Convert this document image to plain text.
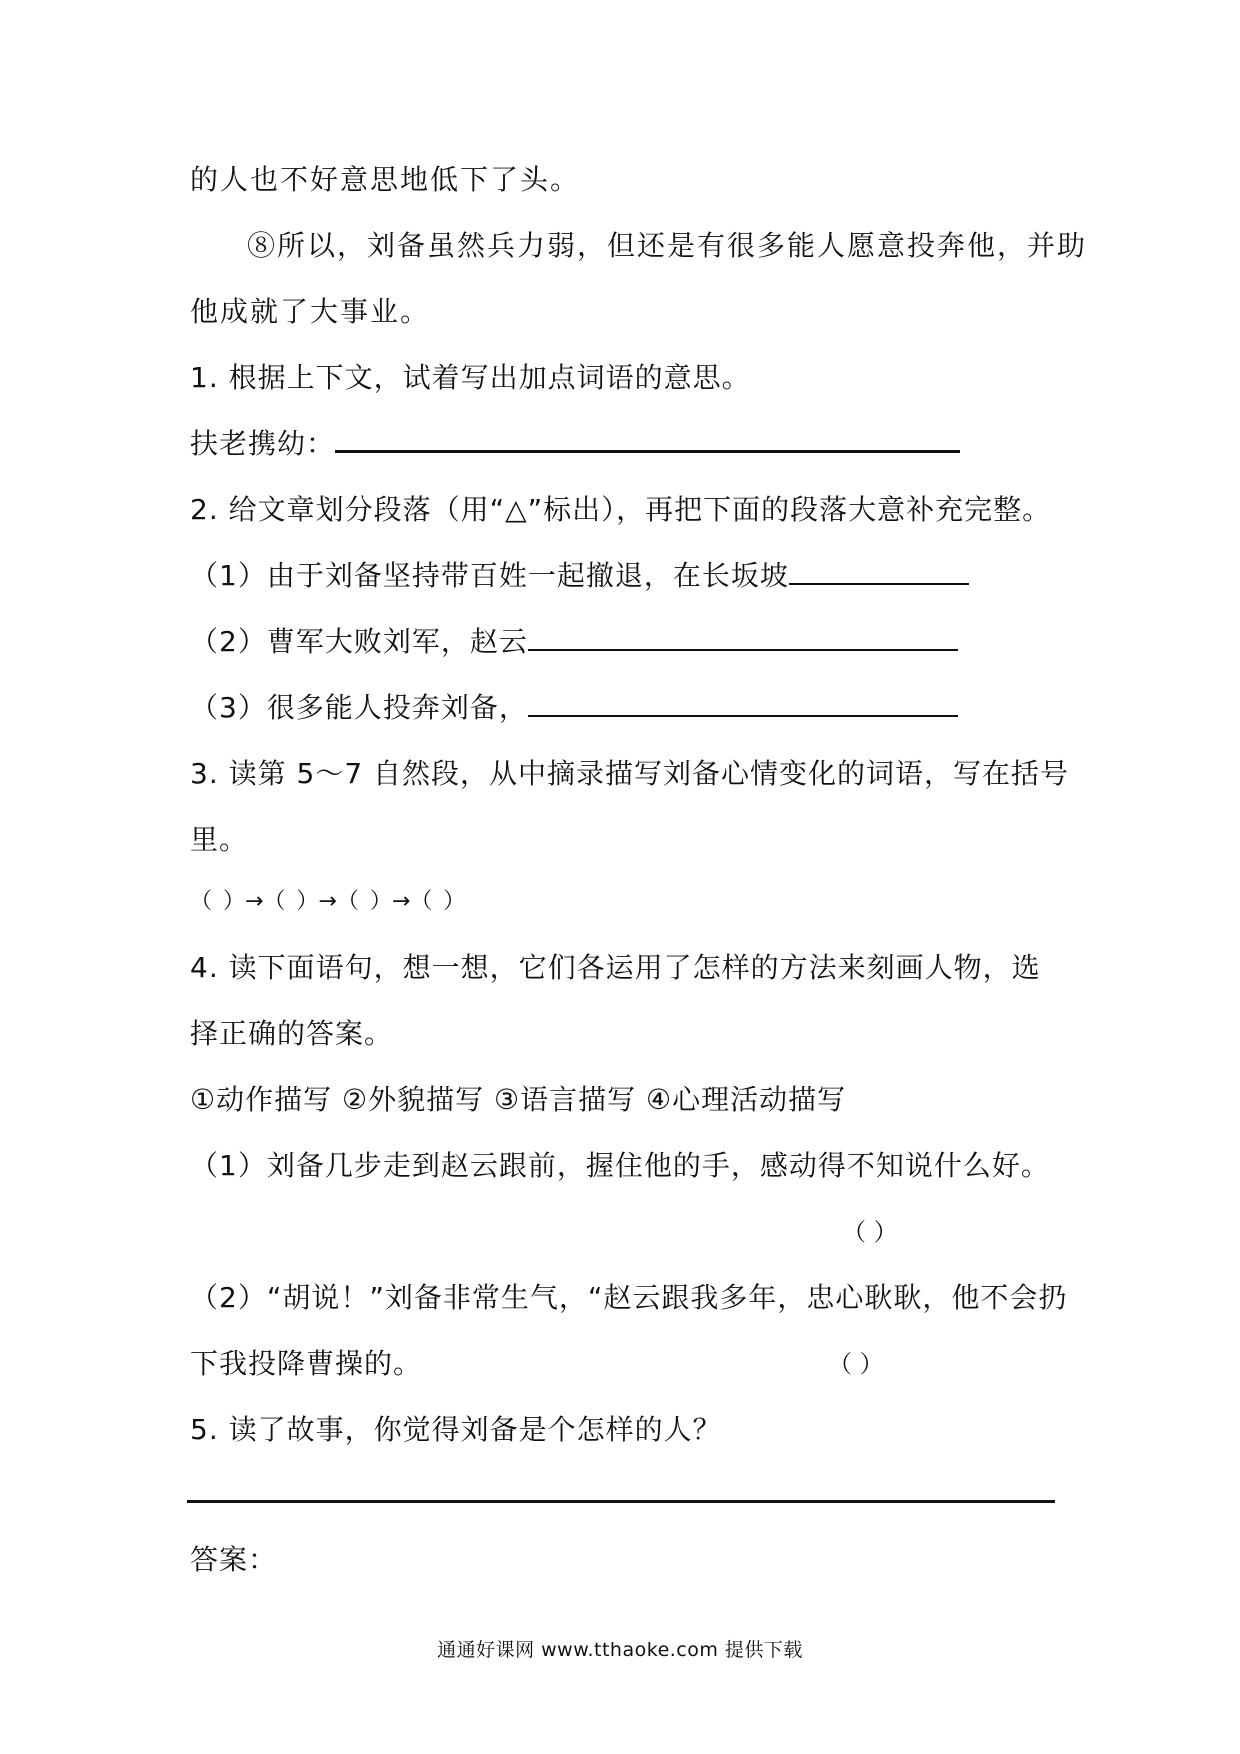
的人也不好意思地低下了头。
⑧所以，刘备虽然兵力弱，但还是有很多能人愿意投奔他，并助
他成就了大事业。
1. 根据上下文，试着写出加点词语的意思。
扶老携幼：
2. 给文章划分段落（用“△”标出），再把下面的段落大意补充完整。
（1）由于刘备坚持带百姓一起撤退，在长坂坡
（2）曹军大败刘军，赵云
（3）很多能人投奔刘备，
3. 读第 5～7 自然段，从中摘录描写刘备心情变化的词语，写在括号
里。
（ ）→（ ）→（ ）→（ ）
4. 读下面语句，想一想，它们各运用了怎样的方法来刻画人物，选
择正确的答案。
①动作描写 ②外貌描写 ③语言描写 ④心理活动描写
（1）刘备几步走到赵云跟前，握住他的手，感动得不知说什么好。
（ ）
（2）“胡说！”刘备非常生气，“赵云跟我多年，忠心耿耿，他不会扔
下我投降曹操的。	（ ）
5. 读了故事，你觉得刘备是个怎样的人？
答案：
通通好课网 www.tthaoke.com 提供下载
